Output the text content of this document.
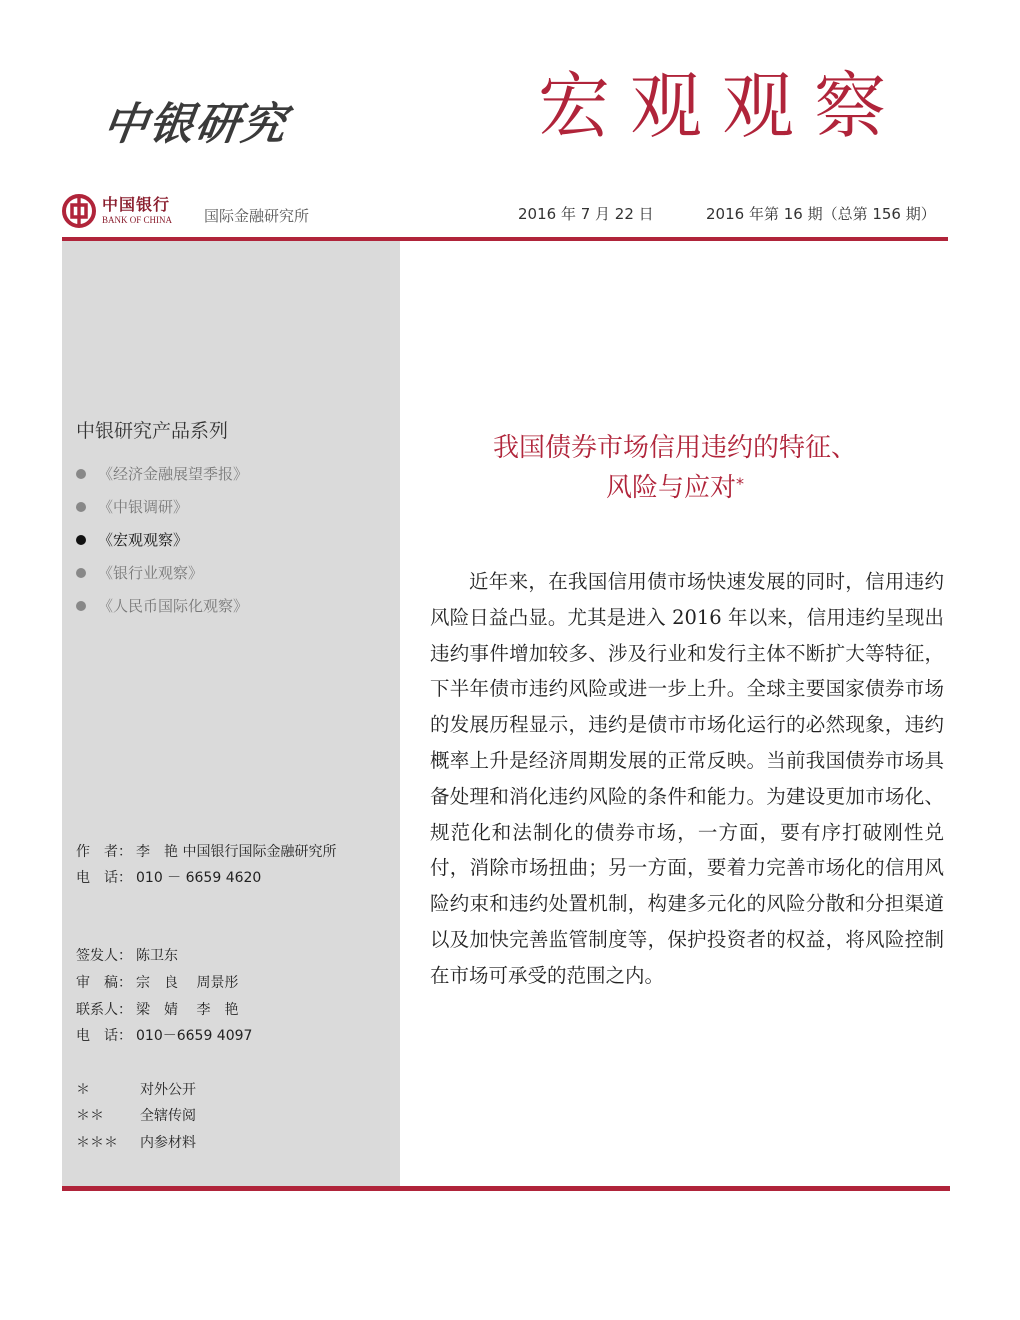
中银研究	宏观观察
中国银行
BANK OF CHINA 国际金融研究所	2016 年 7 月 22 日	2016 年第 16 期（总第 156 期）
中银研究产品系列
《经济金融展望季报》
《中银调研》
《宏观观察》
《银行业观察》
《人民币国际化观察》
作　者： 李　艳 中国银行国际金融研究所
电　话： 010 － 6659 4620
签发人： 陈卫东
审　稿： 宗　良　 周景彤
联系人： 梁　婧　 李　艳
电　话： 010－6659 4097
＊	对外公开
＊＊	全辖传阅
＊＊＊ 内参材料
我国债券市场信用违约的特征、
风险与应对*

近年来，在我国信用债市场快速发展的同时，信用违约风险日益凸显。尤其是进入 2016 年以来，信用违约呈现出违约事件增加较多、涉及行业和发行主体不断扩大等特征，下半年债市违约风险或进一步上升。全球主要国家债券市场的发展历程显示，违约是债市市场化运行的必然现象，违约概率上升是经济周期发展的正常反映。当前我国债券市场具备处理和消化违约风险的条件和能力。为建设更加市场化、规范化和法制化的债券市场，一方面，要有序打破刚性兑付，消除市场扭曲；另一方面，要着力完善市场化的信用风险约束和违约处置机制，构建多元化的风险分散和分担渠道以及加快完善监管制度等，保护投资者的权益，将风险控制在市场可承受的范围之内。
